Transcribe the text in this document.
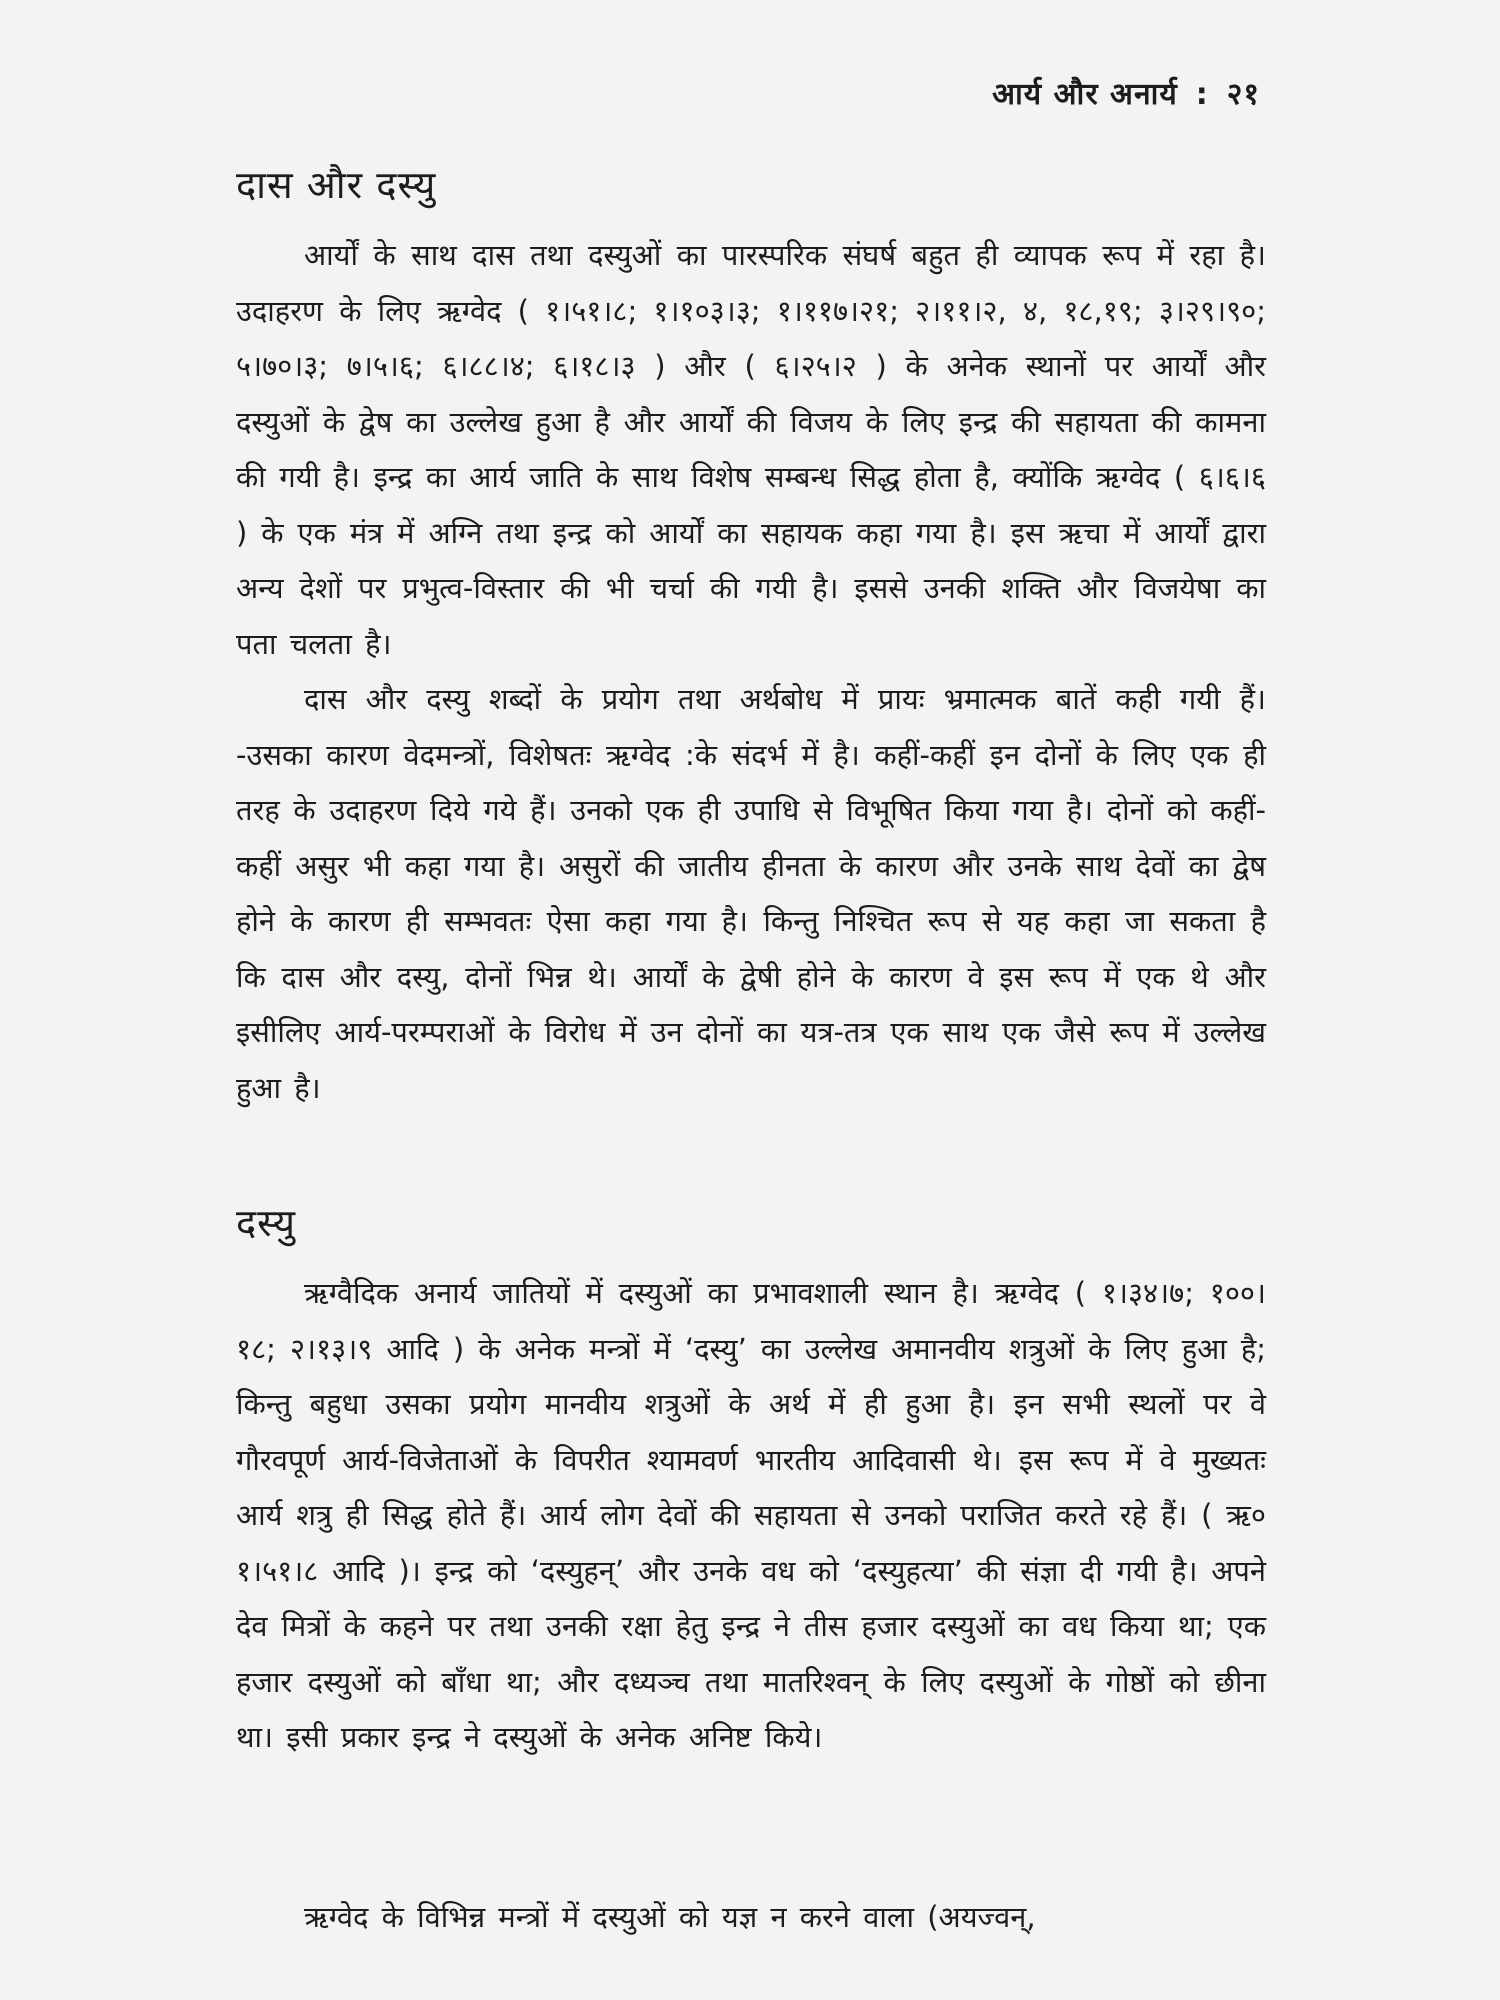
आर्य और अनार्य : २१
दास और दस्यु

आर्यों के साथ दास तथा दस्युओं का पारस्परिक संघर्ष बहुत ही व्यापक रूप में रहा है। उदाहरण के लिए ऋग्वेद ( १।५१।८; १।१०३।३; १।११७।२१; २।११।२, ४, १८,१९; ३।२९।९०; ५।७०।३; ७।५।६; ६।८८।४; ६।१८।३ ) और ( ६।२५।२ ) के अनेक स्थानों पर आर्यों और दस्युओं के द्वेष का उल्लेख हुआ है और आर्यों की विजय के लिए इन्द्र की सहायता की कामना की गयी है। इन्द्र का आर्य जाति के साथ विशेष सम्बन्ध सिद्ध होता है, क्योंकि ऋग्वेद ( ६।६।६ ) के एक मंत्र में अग्नि तथा इन्द्र को आर्यों का सहायक कहा गया है। इस ऋचा में आर्यों द्वारा अन्य देशों पर प्रभुत्व-विस्तार की भी चर्चा की गयी है। इससे उनकी शक्ति और विजयेषा का पता चलता है।

दास और दस्यु शब्दों के प्रयोग तथा अर्थबोध में प्रायः भ्रमात्मक बातें कही गयी हैं। -उसका कारण वेदमन्त्रों, विशेषतः ऋग्वेद :के संदर्भ में है। कहीं-कहीं इन दोनों के लिए एक ही तरह के उदाहरण दिये गये हैं। उनको एक ही उपाधि से विभूषित किया गया है। दोनों को कहीं-कहीं असुर भी कहा गया है। असुरों की जातीय हीनता के कारण और उनके साथ देवों का द्वेष होने के कारण ही सम्भवतः ऐसा कहा गया है। किन्तु निश्चित रूप से यह कहा जा सकता है कि दास और दस्यु, दोनों भिन्न थे। आर्यों के द्वेषी होने के कारण वे इस रूप में एक थे और इसीलिए आर्य-परम्पराओं के विरोध में उन दोनों का यत्र-तत्र एक साथ एक जैसे रूप में उल्लेख हुआ है।

दस्यु

ऋग्वैदिक अनार्य जातियों में दस्युओं का प्रभावशाली स्थान है। ऋग्वेद ( १।३४।७; १००।१८; २।१३।९ आदि ) के अनेक मन्त्रों में ‘दस्यु’ का उल्लेख अमानवीय शत्रुओं के लिए हुआ है; किन्तु बहुधा उसका प्रयोग मानवीय शत्रुओं के अर्थ में ही हुआ है। इन सभी स्थलों पर वे गौरवपूर्ण आर्य-विजेताओं के विपरीत श्यामवर्ण भारतीय आदिवासी थे। इस रूप में वे मुख्यतः आर्य शत्रु ही सिद्ध होते हैं। आर्य लोग देवों की सहायता से उनको पराजित करते रहे हैं। ( ऋ० १।५१।८ आदि )। इन्द्र को ‘दस्युहन्’ और उनके वध को ‘दस्युहत्या’ की संज्ञा दी गयी है। अपने देव मित्रों के कहने पर तथा उनकी रक्षा हेतु इन्द्र ने तीस हजार दस्युओं का वध किया था; एक हजार दस्युओं को बाँधा था; और दध्यञ्च तथा मातरिश्वन् के लिए दस्युओं के गोष्ठों को छीना था। इसी प्रकार इन्द्र ने दस्युओं के अनेक अनिष्ट किये।

ऋग्वेद के विभिन्न मन्त्रों में दस्युओं को यज्ञ न करने वाला (अयज्वन्,
